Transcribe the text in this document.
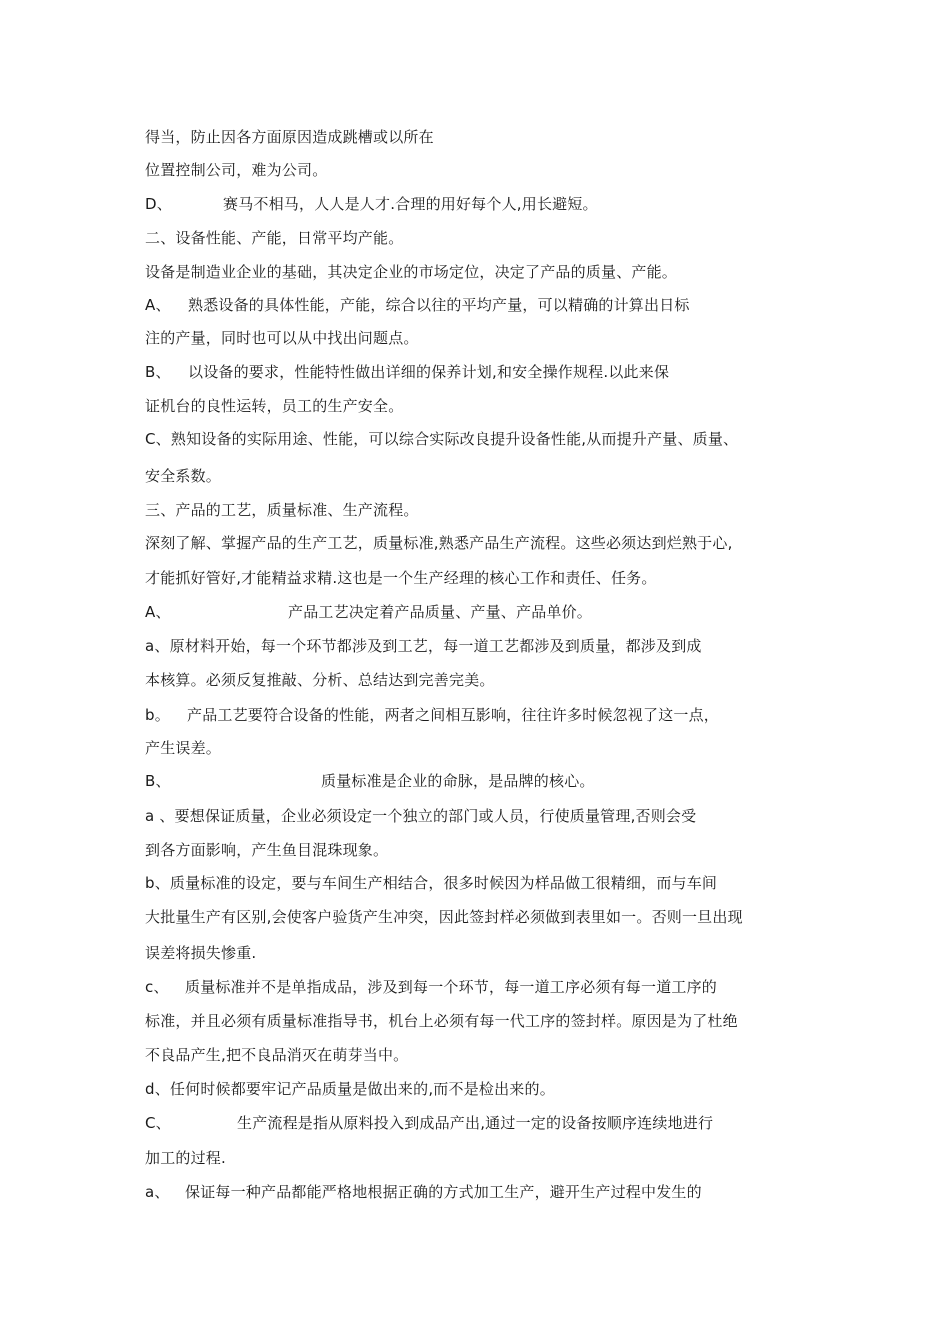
得当，防止因各方面原因造成跳槽或以所在
位置控制公司，难为公司。
D、	赛马不相马，人人是人才.合理的用好每个人,用长避短。
二、设备性能、产能，日常平均产能。
设备是制造业企业的基础，其决定企业的市场定位，决定了产品的质量、产能。
A、 熟悉设备的具体性能，产能，综合以往的平均产量，可以精确的计算出日标
注的产量，同时也可以从中找出问题点。
B、 以设备的要求，性能特性做出详细的保养计划,和安全操作规程.以此来保
证机台的良性运转，员工的生产安全。
C、熟知设备的实际用途、性能，可以综合实际改良提升设备性能,从而提升产量、质量、
安全系数。
三、产品的工艺，质量标准、生产流程。
深刻了解、掌握产品的生产工艺，质量标准,熟悉产品生产流程。这些必须达到烂熟于心,
才能抓好管好,才能精益求精.这也是一个生产经理的核心工作和责任、任务。
A、	产品工艺决定着产品质量、产量、产品单价。
a、原材料开始，每一个环节都涉及到工艺，每一道工艺都涉及到质量，都涉及到成
本核算。必须反复推敲、分析、总结达到完善完美。
b。 产品工艺要符合设备的性能，两者之间相互影响，往往许多时候忽视了这一点，
产生误差。
B、	质量标准是企业的命脉，是品牌的核心。
a 、要想保证质量，企业必须设定一个独立的部门或人员，行使质量管理,否则会受
到各方面影响，产生鱼目混珠现象。
b、质量标准的设定，要与车间生产相结合，很多时候因为样品做工很精细，而与车间
大批量生产有区别,会使客户验货产生冲突，因此签封样必须做到表里如一。否则一旦出现
误差将损失惨重.
c、 质量标准并不是单指成品，涉及到每一个环节，每一道工序必须有每一道工序的
标准，并且必须有质量标准指导书，机台上必须有每一代工序的签封样。原因是为了杜绝
不良品产生,把不良品消灭在萌芽当中。
d、任何时候都要牢记产品质量是做出来的,而不是检出来的。
C、	生产流程是指从原料投入到成品产出,通过一定的设备按顺序连续地进行
加工的过程.
a、 保证每一种产品都能严格地根据正确的方式加工生产，避开生产过程中发生的
